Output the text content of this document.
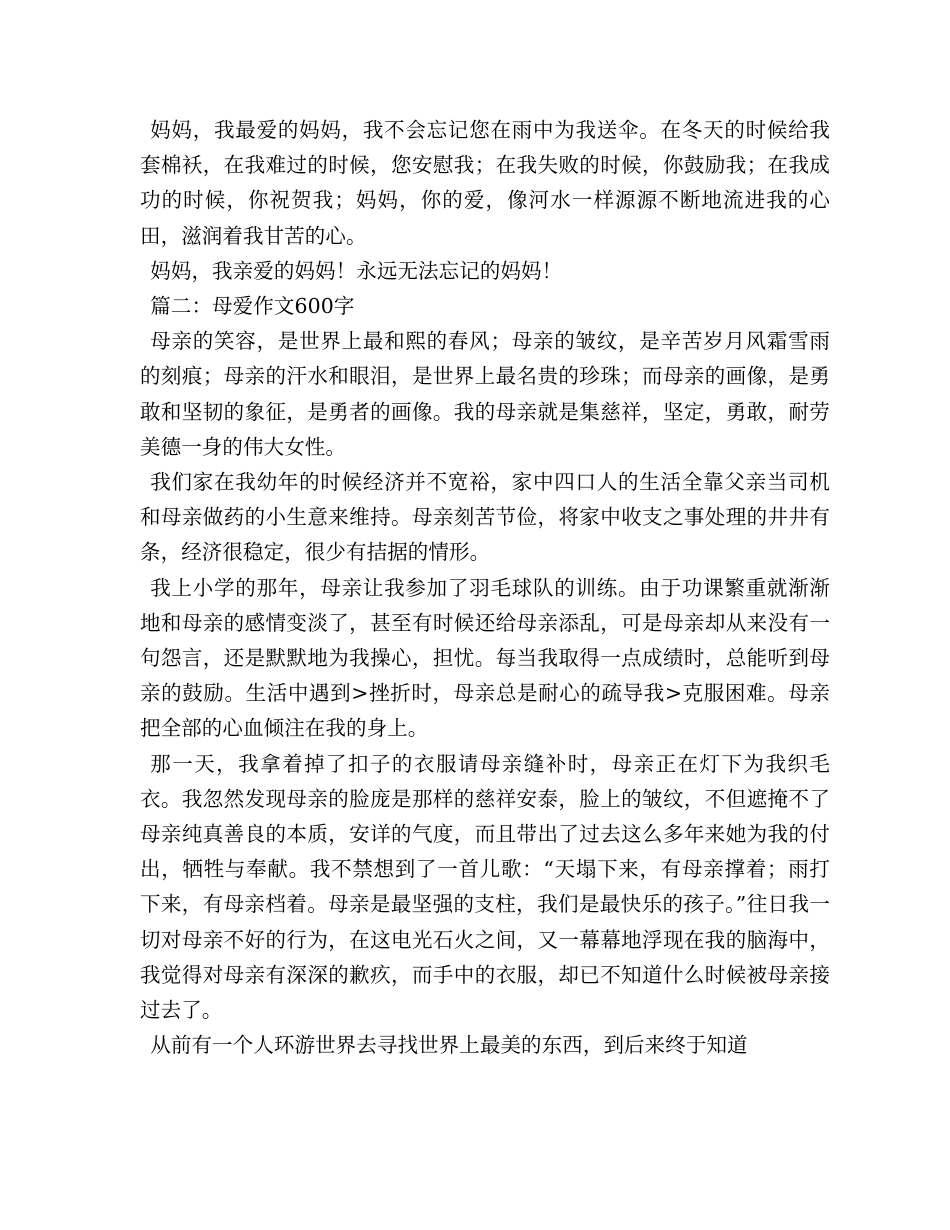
妈妈，我最爱的妈妈，我不会忘记您在雨中为我送伞。在冬天的时候给我套棉袄，在我难过的时候，您安慰我；在我失败的时候，你鼓励我；在我成功的时候，你祝贺我；妈妈，你的爱，像河水一样源源不断地流进我的心田，滋润着我甘苦的心。

妈妈，我亲爱的妈妈！永远无法忘记的妈妈！

篇二：母爱作文600字

母亲的笑容，是世界上最和熙的春风；母亲的皱纹，是辛苦岁月风霜雪雨的刻痕；母亲的汗水和眼泪，是世界上最名贵的珍珠；而母亲的画像，是勇敢和坚韧的象征，是勇者的画像。我的母亲就是集慈祥，坚定，勇敢，耐劳美德一身的伟大女性。

我们家在我幼年的时候经济并不宽裕，家中四口人的生活全靠父亲当司机和母亲做药的小生意来维持。母亲刻苦节俭，将家中收支之事处理的井井有条，经济很稳定，很少有拮据的情形。

我上小学的那年，母亲让我参加了羽毛球队的训练。由于功课繁重就渐渐地和母亲的感情变淡了，甚至有时候还给母亲添乱，可是母亲却从来没有一句怨言，还是默默地为我操心，担忧。每当我取得一点成绩时，总能听到母亲的鼓励。生活中遇到>挫折时，母亲总是耐心的疏导我>克服困难。母亲把全部的心血倾注在我的身上。

那一天，我拿着掉了扣子的衣服请母亲缝补时，母亲正在灯下为我织毛衣。我忽然发现母亲的脸庞是那样的慈祥安泰，脸上的皱纹，不但遮掩不了母亲纯真善良的本质，安详的气度，而且带出了过去这么多年来她为我的付出，牺牲与奉献。我不禁想到了一首儿歌：“天塌下来，有母亲撑着；雨打下来，有母亲档着。母亲是最坚强的支柱，我们是最快乐的孩子。”往日我一切对母亲不好的行为，在这电光石火之间，又一幕幕地浮现在我的脑海中，我觉得对母亲有深深的歉疚，而手中的衣服，却已不知道什么时候被母亲接过去了。

从前有一个人环游世界去寻找世界上最美的东西，到后来终于知道
